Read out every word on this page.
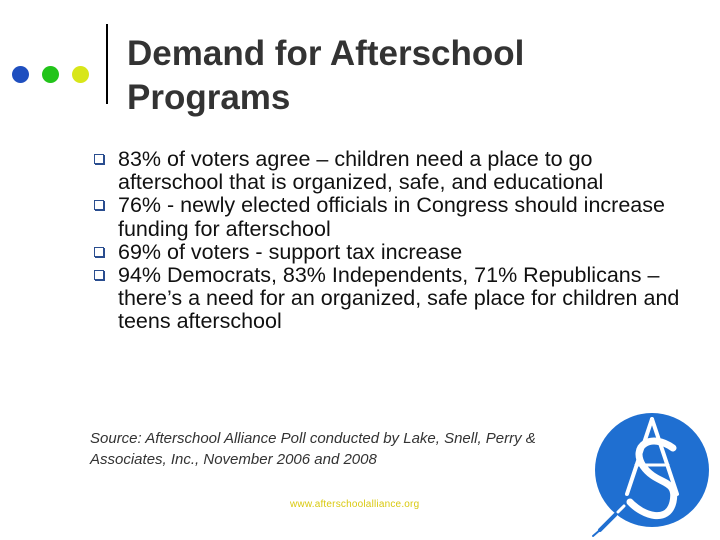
Demand for Afterschool Programs
83% of voters agree – children need a place to go afterschool that is organized, safe, and educational
76% - newly elected officials in Congress should increase funding for afterschool
69% of voters - support tax increase
94% Democrats, 83% Independents, 71% Republicans – there’s a need for an organized, safe place for children and teens afterschool

Source: Afterschool Alliance Poll conducted by Lake, Snell, Perry & Associates, Inc., November 2006 and 2008

www.afterschoolalliance.org
